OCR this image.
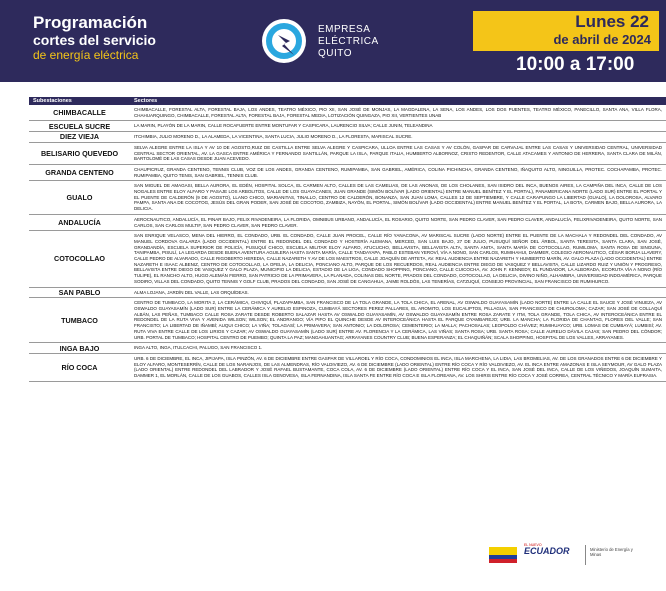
Programación
cortes del servicio
de energía eléctrica
EMPRESA
ELÉCTRICA
QUITO
Lunes 22
de abril de 2024
10:00 a 17:00
Subestaciones	Sectores
CHIMBACALLE	CHIMBACALLE, FORESTAL ALTA, FORESTAL BAJA, LOS ANDES, TEATRO MÉXICO, PIO XII, SAN JOSÉ DE MONJAS, LA MAGDALENA, LA SENA, LOS ANDES, LOS DOS PUENTES, TEATRO MÉXICO, PANECILLO, SANTA ANA, VILLA FLORA, CHAHUARQUINGO, CHIMBACALLE, FORESTAL ALTA, FORESTAL BAJA, FORESTAL MEDIA, LOTIZACIÓN QUINGAZA, PIO XII, VERTIENTES UNAB
ESCUELA SUCRE	LA MARIN, PLAYÓN DE LA MARIN, CALLE ROCAFUERTE ENTRE MONTUFAR Y CASPICARA, LAURENCIO SILVA; CALLE JUNIN, TELEANDINA
DIEZ VIEJA	ITCHIMBIA, JULIO MORENO D., LA ALAMEDA, LA VICENTINA, SANTA LUCIA, JULIO MORENO D., LA FLORESTA, MARISCAL SUCRE.
BELISARIO QUEVEDO	SELVA ALEGRE ENTRE LA ISLA Y AV 10 DE AGOSTO,RUIZ DE CASTILLA ENTRE SELVA ALEGRE Y CASPICARA, ULLOA ENTRE LAS CASAS Y AV COLÓN, GASPAR DE CARVAJAL ENTRE LAS CASAS Y UNIVERSIDAD CENTRAL, UNIVERSIDAD CENTRAL SECTOR ORIENTAL, AV. LA GASCA ENTRE AMÉRICA Y FERNANDO SANTILLÁN, PARQUE LA ISLA, PARQUE ITALIA, HUMBERTO ALBORNOZ, CRISTO REDENTOR, CALLE ATACAMES Y ANTONIO DE HERRERA, SANTA CLARA DE MILÁN, BARTOLOMÉ DE LAS CASAS DESDE JUAN ACEVEDO.
GRANDA CENTENO	CHAUPICRUZ, GRANDA CENTENO, TENNIS CLUB, VOZ DE LOS ANDES, GRANDA CENTENO, RUMIPAMBA, SAN GABRIEL, AMÉRICA, COLINA PICHINCHA, GRANDA CENTENO, IÑAQUITO ALTO, NINGUILLA, PROTEC. COCHAPAMBA, PROTEC. RUMIPAMBA, QUITO TENIS, SAN GABRIEL, TENNIS CLUB.
GUALO	SAN MIGUEL DE AMAGASI, BELLA AURORA, EL EDÉN, HOSPITAL SOLCA, EL CARMEN ALTO, CALLES DE LAS CAMELIAS, DE LAS ANONAS, DE LOS CHOLANES, SAN ISIDRO DEL INCA, BUENOS AIRES, LA CAMPIÑA DEL INCA, CALLE DE LOS NOGALES ENTRE ELOY ALFARO Y PASAJE LOS ARBOLITOS, CALLE DE LOS GUAYACANES, JUAN GRANDE (SIMÓN BOLÍVAR (LADO ORIENTAL) ENTRE MANUEL BENÍTEZ Y EL PORTAL), PANAMERICANA NORTE (LADO SUR) ENTRE EL PORTAL Y EL PUENTE DE CALDERÓN (9 DE AGOSTO), LLANO CHICO, MARIANITAS, TINALLO, CENTRO DE CALDERÓN, BONANZA, SAN JUAN LOMA, CALLES 12 DE SEPTIEMBRE, Y CALLE CARAPUNGO LA LIBERTAD (GUALO), LA DOLOROSA, ALVARO PAMPA, SANTA ANA DE COCOTOG, JESÚS DEL GRAN PODER, SAN JOSÉ DE COCOTOG, ZAMBIZA, NAYÓN, EL PORTAL, SIMÓN BOLÍVAR (LADO OCCIDENTAL) ENTRE MANUEL BENÍTEZ Y EL PORTAL, LA BOTA, CARMEN BAJO, BELLA AURORA, LA DELICIA.
ANDALUCÍA	AEROCNAUTICO, ANDALUCÍA, EL PINAR BAJO, FELIX RIVADENEIRA, LA FLORIDA, OMNIBUS URBANO, ANDALUCÍA, EL ROSARIO, QUITO NORTE, SAN PEDRO CLAVER, SAN PEDRO CLAVER, ANDALUCÍA, FELIXRIVADENEIRA, QUITO NORTE, SAN CARLOS, SAN CARLOS MULTIF, SAN PEDRO CLAVER, SAN PEDRO CLAVER.
COTOCOLLAO	SAN ENRIQUE VELASCO, MENA DEL HIERRO, EL CONDADO, URB. EL CONDADO, CALLE JUAN PROCEL, CALLE RÍO YANACONA, AV MARISCAL SUCRE (LADO NORTE) ENTRE EL PUENTE DE LA MACHALA Y REDONDEL DEL CONDADO, AV MANUEL CORDOVA GALARZA (LADO OCCIDENTAL) ENTRE EL REDONDEL DEL CONDADO Y HOSTERÍA ALEMANA, MERCED, SAN LUIS BAJO, 27 DE JULIO, PUSUQUÍ SEÑOR DEL ÁRBOL, SANTA TERESITA, SANTA CLARA, SAN JOSÉ, GRANDANDÍA, ESCUELA SUPERIOR DE POLICÍA, PUSUQUÍ CHICO, ESCUELA MILITAR ELOY ALFARO, ATUCUCHO, BELLAVISTA, BELLAVISTA ALTA, SANTA ANITA, SANTA MARÍA DE COTOCOLLAO, RUMILOMA, SANTA ROSA DE SINGUNA, TANIPAMBA, PISULÍ, LA LEGARDA DESDE BUENA AVENTURA AGUILERA HASTA SANTA MARÍA, CALLE TANDAYAPA, PABLO ESTEBAN YEROVÍ, VÍA A NONO, SAN CARLOS, RUMIHAHUI, DAMMER, COLEGIO AERONAUTICO, CÉSAR BORJA LLAVERY, CALLE PEDRO DE ALVARADO, CALLE RIGOBERTO HEREDIA, CALLE NAZARETH Y AV DE LOS MAESTROS, CALLE JOAQUÍN DE ARTETA, AV. REAL AUDIENCIA ENTRE NAZARETH Y HUMBERTO MARÍN, AV. GALO PLAZA (LADO OCCIDENTAL) ENTRE NAZARETH E ISAAC ALBENIZ, CENTRO DE COTOCOLLAO, LA OFELIA, LA DELICIA, PONCIANO ALTO, PARQUE DE LOS RECUERDOS, REAL AUDIENCIA ENTRE DIEGO DE VASQUEZ Y BELLAVISTA, CALLE LIZARDO RUIZ Y UNIÓN Y PROGRESO, BELLAVISTA ENTRE DIEGO DE VASQUEZ Y GALO PLAZA, MUNICIPIO LA DELICIA, ESTADIO DE LA LIGA, CONDADO SHOPPING, PONCIANO, CALLE CUICOCHA, AV. JOHN F. KENNEDY, EL FUNDADOR, LA ALBORADA, ECORUTA VÍA A NONO (RÍO TULIPE), EL RANCHO ALTO, HUGO ALEMÁN FIERRO, SAN PATRICIO DE LA PRIMAVERA, LA PLANADA, COLINAS DEL NORTE, PRADOS DEL CONDADO, COTOCOLLAO, LA DELICIA, DIVINO NIÑO, ALHAMBRA, UNIVERSIDAD INDOAMÉRICA, PARQUE SODIRO, VILLAS DEL CONDADO, QUITO TENNIS Y GOLF CLUB, PRADOS DEL CONDADO, SAN JOSÉ DE CANGAHUA, JAIME ROLDÓS, LAS TENERÍAS, CATZUQUÍ, CONSEJO PROVINCIAL, SAN FRANCISCO DE RUMIHURCO.
SAN PABLO	ALMA LOJANA, JARDÍN DEL VALLE, LAS ORQUÍDEAS.
TUMBACO	CENTRO DE TUMBACO, LA MORITA 2, LA CERÁMICA, CHIVIQUÍ, PLAZAPAMBA, SAN FRANCISCO DE LA TOLA GRANDE, LA TOLA CHICA, EL ARENAL, AV OSWALDO GUAYASAMÍN (LADO NORTE) ENTRE LA CALLE EL SAUCE Y JOSÉ VINUEZA, AV OSWALDO GUAYASAMÍN (LADO SUR) ENTRE LA CERÁMICA Y AURELIO ESPINOZA, CUMBAYÁ SECTORES PEREZ PALLARES, EL AROMITO, LOS EUCALIPTOS, PILLAGUA, SAN FRANCISCO DE CHUROLOMA; CAZAR; SAN JOSÉ DE COLLAQUÍ ALBÁN, LAS PEÑAS, TUMBACO CALLE ROSA ZARATE DESDE ROBERTO SALAZAR HASTA AV OSWALDO GUAYASAMÍN, AV OSWALDO GUAYASAMÍN ENTRE ROSA ZARATE Y ITM, TOLA GRANDE, TOLA CHICA, AV INTEROCEÁNICA ENTRE EL REDONDEL DE LA RUTA VIVA Y AVENIDA WILSON; WILSON; EL ANDRANGO; VÍA PIFO EL QUINCHE DESDE AV INTEROCEÁNICA HASTA EL PARQUE OYAMBAREJO; URB. LA MANCHA; LA FLORIDA DE CHANTAG, FLORES DEL VALLE; SAN FRANCISTO; LA LIBERTAD DE IÑAMBÍ; AUQUI CHICO; LA VIÑA; TOLAGASÍ; LA PRIMAVERA; SAN ANTONIO; LA DOLOROSA; CEMENTERIO; LA MALLA; PACHOSALAS; LEOPOLDO CHÁVEZ; RUMIHUAYCO; URB. LOMAS DE CUMBAYÁ; LUMBISÍ; AV. RUTA VIVA ENTRE CALLE DE LOS LIRIOS Y CAZAR; AV OSWALDO GUAYASAMÍN (LADO SUR) ENTRE AV. FLORENCIA Y LA CERÁMICA, LAS VIÑAS; SANTA ROSA; URB. SANTA ROSA; CALLE AURELIO DÁVILA CAJAS; SAN PEDRO DEL CÓNDOR; URB. PORTAL DE TUMBACO; HOSPITAL CENTRO DE PUEMBO; QUINTA LA PAZ; MANGAHUANTAG; ARRAYANES COUNTRY CLUB; BUENA ESPERANZA; EL CHAQUIÑÁN; SCALA SHOPPING, HOSPITAL DE LOS VALLES, ARRAYANES.
INGA BAJO	INGA ALTO, INGA, ITULCACHI, PALUGO, SAN FRANCISCO 1.
RÍO COCA	URB. 6 DE DICIEMBRE, EL INCA, JIPIJAPA, ISLA PINZÓN, AV. 6 DE DICIEMBRE ENTRE GASPAR DE VILLAROEL Y RÍO COCA, CONDOMINIOS EL INCA, ISLA MARCHENA, LA LIDIA, LAS BROMELIAS, AV. DE LOS GRANADOS ENTRE 6 DE DICIEMBRE Y ELOY ALFARO, MONTESERRÍN, CALLE DE LOS NARANJOS, DE LAS ALMENDRAS, RÍO VALDIVIEZO, AV. 6 DE DICIEMBRE (LADO ORIENTAL) ENTRE RÍO COCA Y RÍO VALDIVIEZO, AV. EL INCA ENTRE AMAZONAS E ISLA SEYMOUR, AV GALO PLAZA (LADO ORIENTAL) ENTRE REDONDEL DEL LABRADOR Y JOSÉ RAFAEL BUSTAMANTE, COCA COLA, AV. 6 DE DICIEMBRE (LADO ORIENTAL) ENTRE RÍO COCA Y EL INCA, SAN JOSÉ DEL INCA, CALLE DE LOS VIÑEDOS, JOAQUÍN SUMAITA, DAMMER 1, EL MORLÁN, CALLE DE LOS GUABOS, CALLES ISLA GENOVESA, ISLA FERNANDINA, ISLA SANTA FE ENTRE RÍO COCA E ISLA FLOREANA, AV. LOS SHIRIS ENTRE RÍO COCA Y JOSÉ CORREA, CENTRAL TÉCNICO Y MARÍA EUFRASIA.
EL NUEVO
ECUADOR	Ministerio de Energía y Minas
